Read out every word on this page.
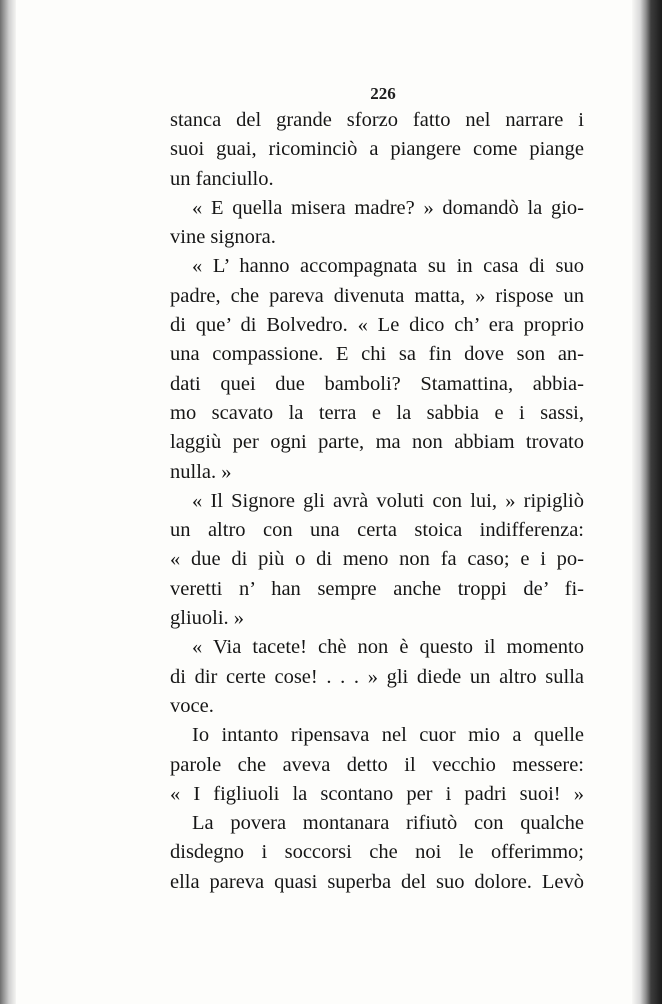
226
stanca del grande sforzo fatto nel narrare i
suoi guai, ricominciò a piangere come piange
un fanciullo.
« E quella misera madre? » domandò la gio-
vine signora.
« L’ hanno accompagnata su in casa di suo
padre, che pareva divenuta matta, » rispose un
di que’ di Bolvedro. « Le dico ch’ era proprio
una compassione. E chi sa fin dove son an-
dati quei due bamboli? Stamattina, abbia-
mo scavato la terra e la sabbia e i sassi,
laggiù per ogni parte, ma non abbiam trovato
nulla. »
« Il Signore gli avrà voluti con lui, » ripigliò
un altro con una certa stoica indifferenza:
« due di più o di meno non fa caso; e i po-
veretti n’ han sempre anche troppi de’ fi-
gliuoli. »
« Via tacete! chè non è questo il momento
di dir certe cose! . . . » gli diede un altro sulla
voce.
Io intanto ripensava nel cuor mio a quelle
parole che aveva detto il vecchio messere:
« I figliuoli la scontano per i padri suoi! »
La povera montanara rifiutò con qualche
disdegno i soccorsi che noi le offerimmo;
ella pareva quasi superba del suo dolore. Levò
